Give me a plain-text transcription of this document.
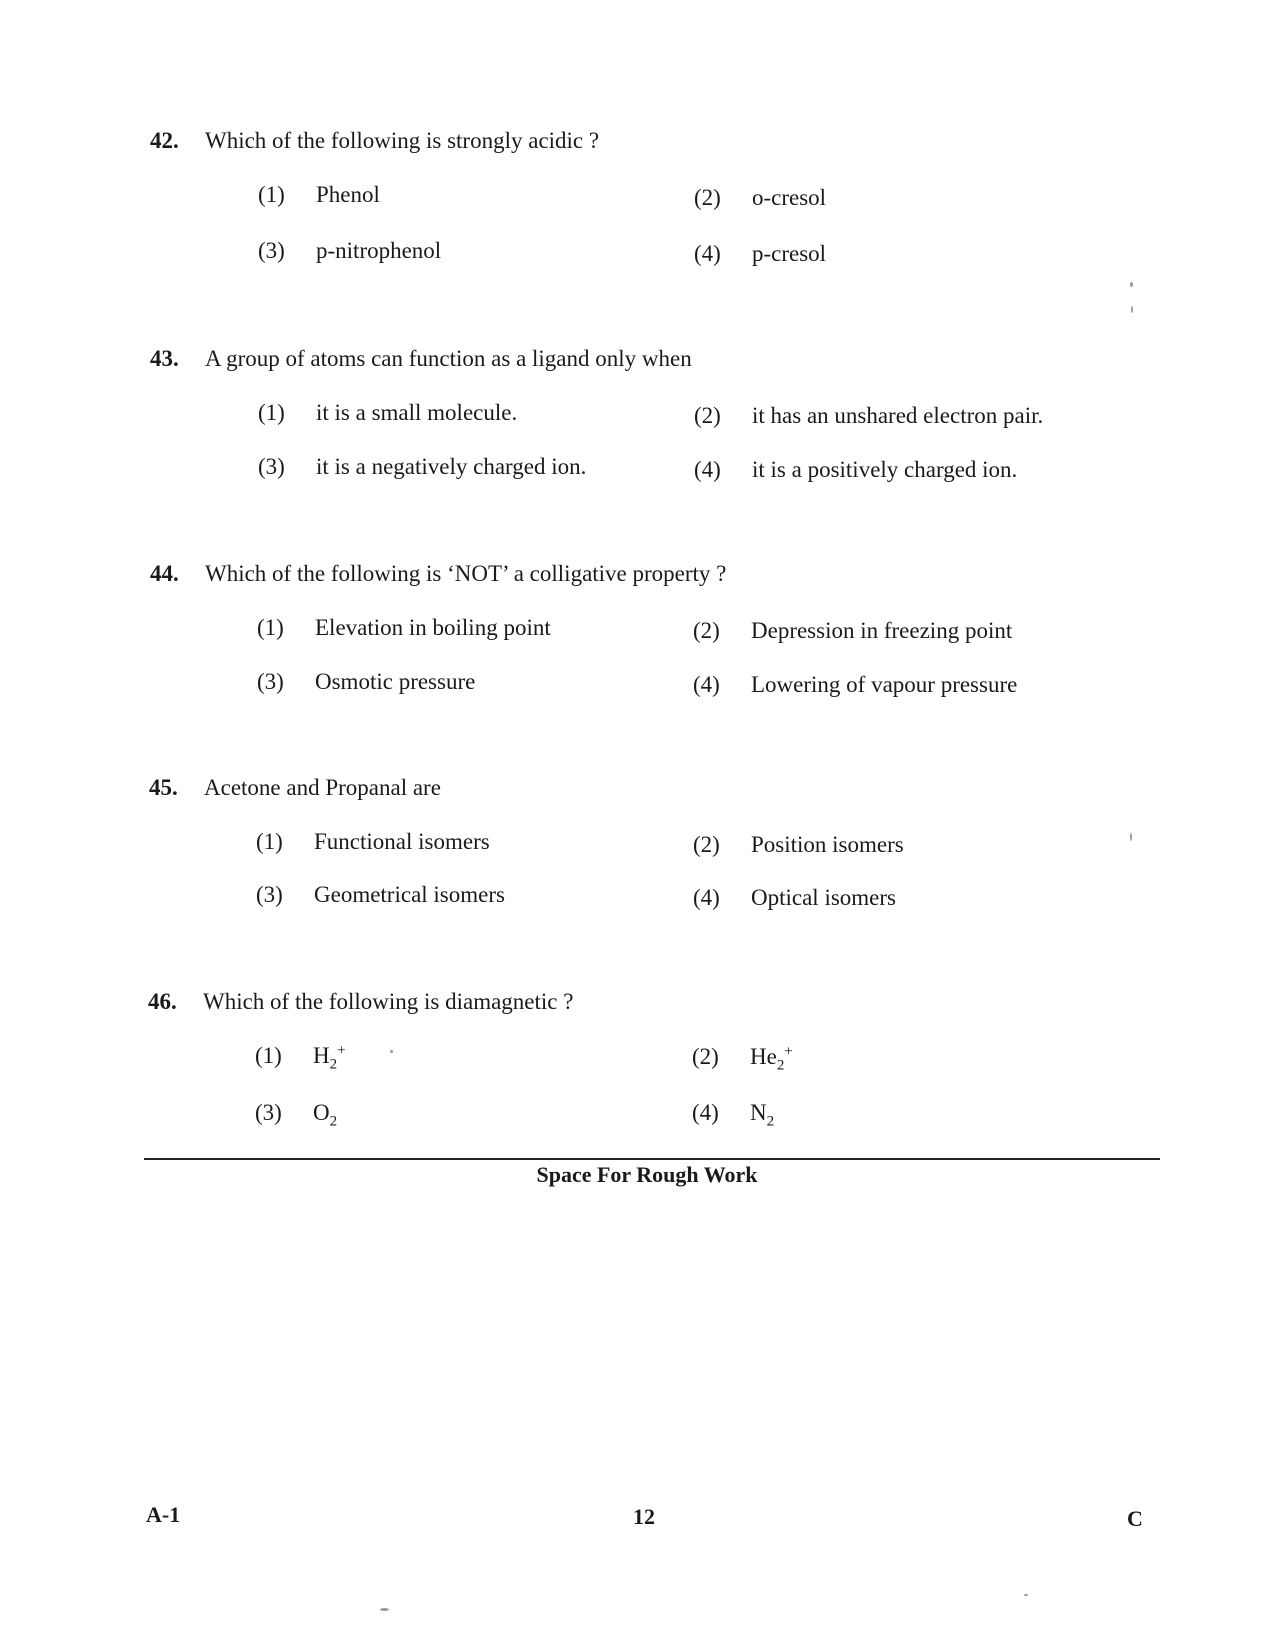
42. Which of the following is strongly acidic ?
(1) Phenol	(2) o-cresol
(3) p-nitrophenol	(4) p-cresol
43. A group of atoms can function as a ligand only when
(1) it is a small molecule.	(2) it has an unshared electron pair.
(3) it is a negatively charged ion.	(4) it is a positively charged ion.
44. Which of the following is ‘NOT’ a colligative property ?
(1) Elevation in boiling point	(2) Depression in freezing point
(3) Osmotic pressure	(4) Lowering of vapour pressure
45. Acetone and Propanal are
(1) Functional isomers	(2) Position isomers
(3) Geometrical isomers	(4) Optical isomers
46. Which of the following is diamagnetic ?
(1) $H_2^+$	(2) $He_2^+$
(3) $O_2$	(4) $N_2$
Space For Rough Work
A-1	12	C
